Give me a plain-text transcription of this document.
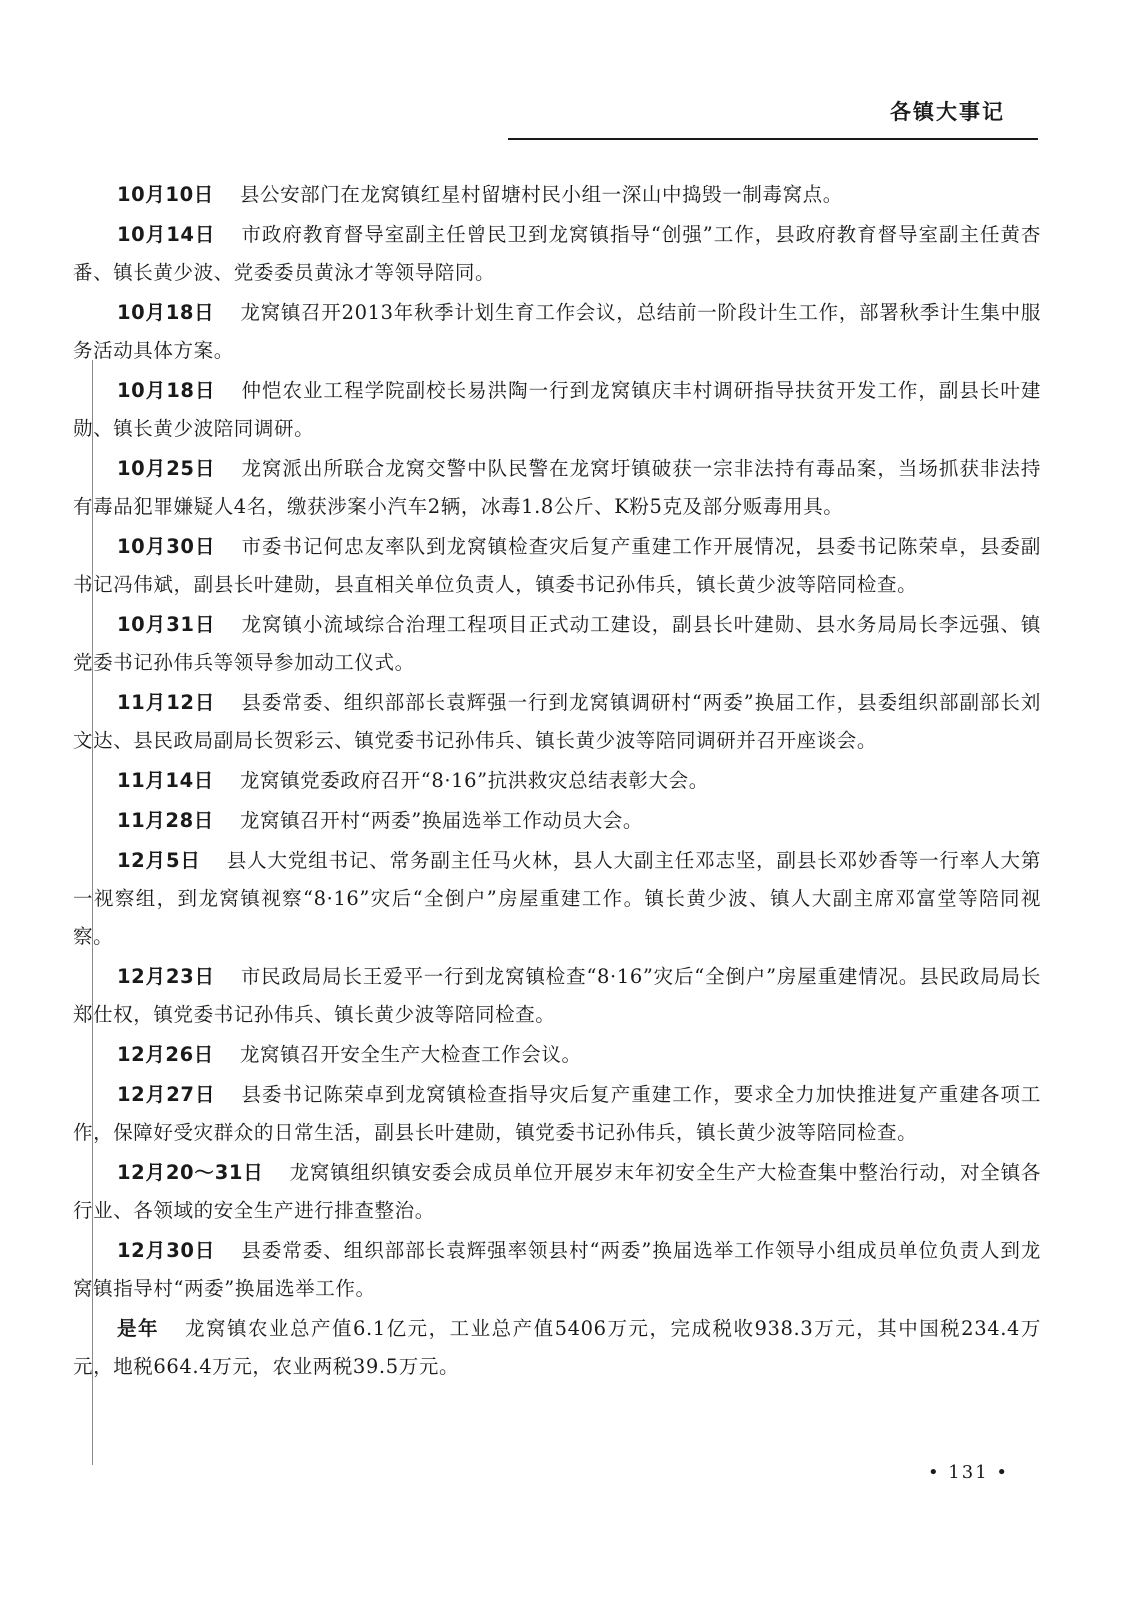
各镇大事记

10月10日 县公安部门在龙窝镇红星村留塘村民小组一深山中捣毁一制毒窝点。

10月14日 市政府教育督导室副主任曾民卫到龙窝镇指导“创强”工作，县政府教育督导室副主任黄杏番、镇长黄少波、党委委员黄泳才等领导陪同。

10月18日 龙窝镇召开2013年秋季计划生育工作会议，总结前一阶段计生工作，部署秋季计生集中服务活动具体方案。

10月18日 仲恺农业工程学院副校长易洪陶一行到龙窝镇庆丰村调研指导扶贫开发工作，副县长叶建勋、镇长黄少波陪同调研。

10月25日 龙窝派出所联合龙窝交警中队民警在龙窝圩镇破获一宗非法持有毒品案，当场抓获非法持有毒品犯罪嫌疑人4名，缴获涉案小汽车2辆，冰毒1.8公斤、K粉5克及部分贩毒用具。

10月30日 市委书记何忠友率队到龙窝镇检查灾后复产重建工作开展情况，县委书记陈荣卓，县委副书记冯伟斌，副县长叶建勋，县直相关单位负责人，镇委书记孙伟兵，镇长黄少波等陪同检查。

10月31日 龙窝镇小流域综合治理工程项目正式动工建设，副县长叶建勋、县水务局局长李远强、镇党委书记孙伟兵等领导参加动工仪式。

11月12日 县委常委、组织部部长袁辉强一行到龙窝镇调研村“两委”换届工作，县委组织部副部长刘文达、县民政局副局长贺彩云、镇党委书记孙伟兵、镇长黄少波等陪同调研并召开座谈会。

11月14日 龙窝镇党委政府召开“8·16”抗洪救灾总结表彰大会。

11月28日 龙窝镇召开村“两委”换届选举工作动员大会。

12月5日 县人大党组书记、常务副主任马火林，县人大副主任邓志坚，副县长邓妙香等一行率人大第一视察组，到龙窝镇视察“8·16”灾后“全倒户”房屋重建工作。镇长黄少波、镇人大副主席邓富堂等陪同视察。

12月23日 市民政局局长王爱平一行到龙窝镇检查“8·16”灾后“全倒户”房屋重建情况。县民政局局长郑仕权，镇党委书记孙伟兵、镇长黄少波等陪同检查。

12月26日 龙窝镇召开安全生产大检查工作会议。

12月27日 县委书记陈荣卓到龙窝镇检查指导灾后复产重建工作，要求全力加快推进复产重建各项工作，保障好受灾群众的日常生活，副县长叶建勋，镇党委书记孙伟兵，镇长黄少波等陪同检查。

12月20～31日 龙窝镇组织镇安委会成员单位开展岁末年初安全生产大检查集中整治行动，对全镇各行业、各领域的安全生产进行排查整治。

12月30日 县委常委、组织部部长袁辉强率领县村“两委”换届选举工作领导小组成员单位负责人到龙窝镇指导村“两委”换届选举工作。

是年 龙窝镇农业总产值6.1亿元，工业总产值5406万元，完成税收938.3万元，其中国税234.4万元，地税664.4万元，农业两税39.5万元。

• 131 •
